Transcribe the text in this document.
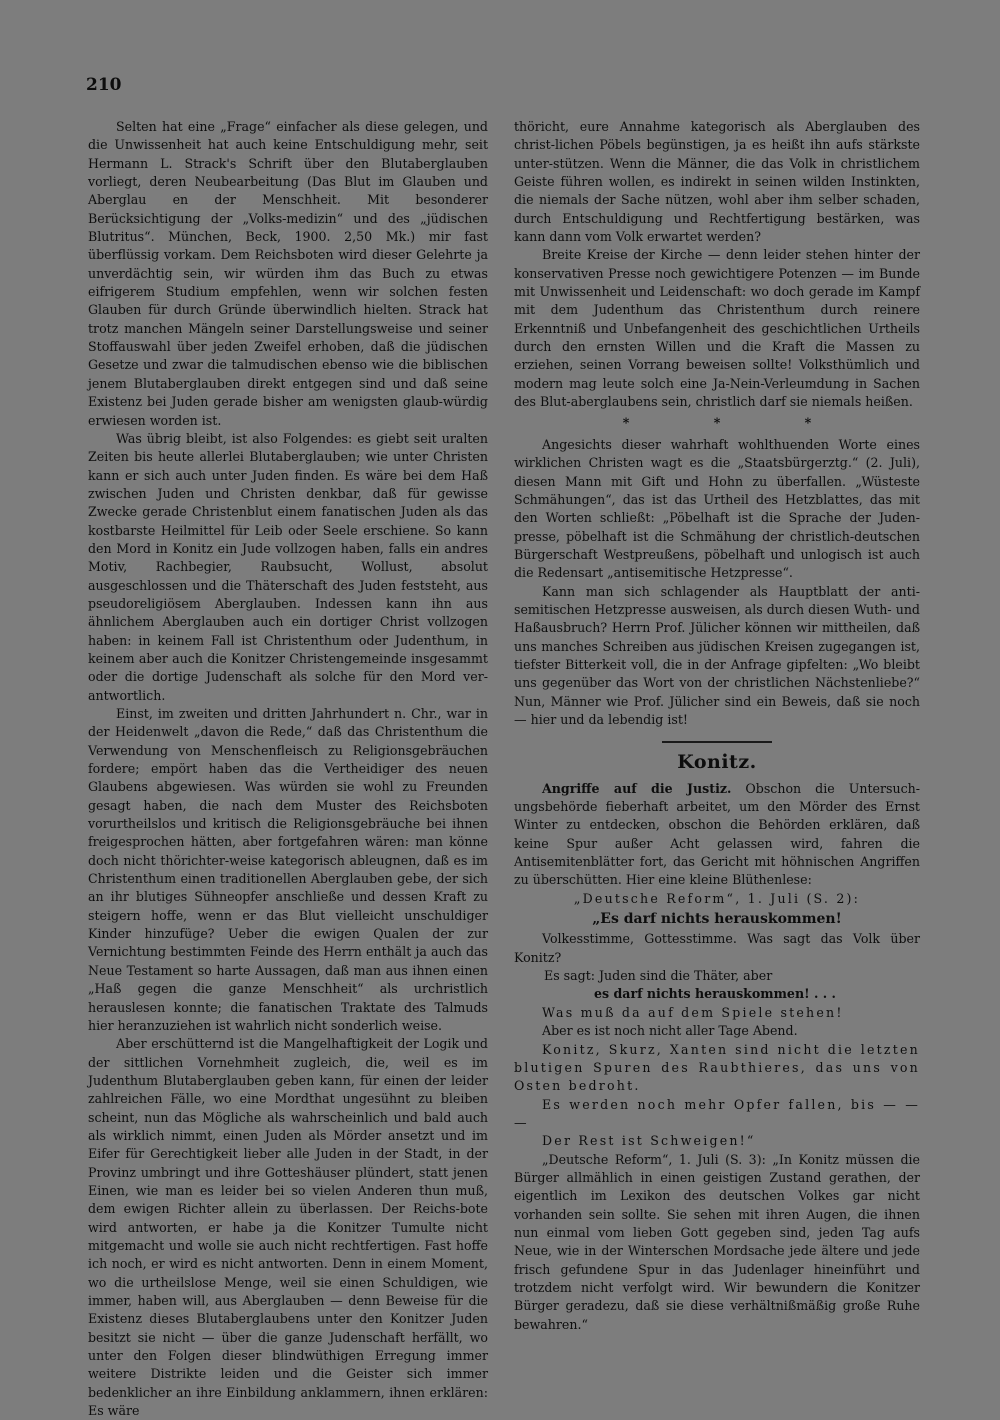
210

Selten hat eine „Frage“ einfacher als diese gelegen, und die Unwissenheit hat auch keine Entschuldigung mehr, seit Hermann L. Strack's Schrift über den Blutaberglauben vorliegt, deren Neubearbeitung (Das Blut im Glauben und Aberglau en der Menschheit. Mit besonderer Berücksichtigung der „Volks-medizin“ und des „jüdischen Blutritus“. München, Beck, 1900. 2,50 Mk.) mir fast überflüssig vorkam. Dem Reichsboten wird dieser Gelehrte ja unverdächtig sein, wir würden ihm das Buch zu etwas eifrigerem Studium empfehlen, wenn wir solchen festen Glauben für durch Gründe überwindlich hielten. Strack hat trotz manchen Mängeln seiner Darstellungsweise und seiner Stoffauswahl über jeden Zweifel erhoben, daß die jüdischen Gesetze und zwar die talmudischen ebenso wie die biblischen jenem Blutaberglauben direkt entgegen sind und daß seine Existenz bei Juden gerade bisher am wenigsten glaub-würdig erwiesen worden ist.

Was übrig bleibt, ist also Folgendes: es giebt seit uralten Zeiten bis heute allerlei Blutaberglauben; wie unter Christen kann er sich auch unter Juden finden. Es wäre bei dem Haß zwischen Juden und Christen denkbar, daß für gewisse Zwecke gerade Christenblut einem fanatischen Juden als das kostbarste Heilmittel für Leib oder Seele erschiene. So kann den Mord in Konitz ein Jude vollzogen haben, falls ein andres Motiv, Rachbegier, Raubsucht, Wollust, absolut ausgeschlossen und die Thäterschaft des Juden feststeht, aus pseudoreligiösem Aberglauben. Indessen kann ihn aus ähnlichem Aberglauben auch ein dortiger Christ vollzogen haben: in keinem Fall ist Christenthum oder Judenthum, in keinem aber auch die Konitzer Christengemeinde insgesammt oder die dortige Judenschaft als solche für den Mord ver-antwortlich.

Einst, im zweiten und dritten Jahrhundert n. Chr., war in der Heidenwelt „davon die Rede,“ daß das Christenthum die Verwendung von Menschenfleisch zu Religionsgebräuchen fordere; empört haben das die Vertheidiger des neuen Glaubens abgewiesen. Was würden sie wohl zu Freunden gesagt haben, die nach dem Muster des Reichsboten vorurtheilslos und kritisch die Religionsgebräuche bei ihnen freigesprochen hätten, aber fortgefahren wären: man könne doch nicht thörichter-weise kategorisch ableugnen, daß es im Christenthum einen traditionellen Aberglauben gebe, der sich an ihr blutiges Sühneopfer anschließe und dessen Kraft zu steigern hoffe, wenn er das Blut vielleicht unschuldiger Kinder hinzufüge? Ueber die ewigen Qualen der zur Vernichtung bestimmten Feinde des Herrn enthält ja auch das Neue Testament so harte Aussagen, daß man aus ihnen einen „Haß gegen die ganze Menschheit“ als urchristlich herauslesen konnte; die fanatischen Traktate des Talmuds hier heranzuziehen ist wahrlich nicht sonderlich weise.

Aber erschütternd ist die Mangelhaftigkeit der Logik und der sittlichen Vornehmheit zugleich, die, weil es im Judenthum Blutaberglauben geben kann, für einen der leider zahlreichen Fälle, wo eine Mordthat ungesühnt zu bleiben scheint, nun das Mögliche als wahrscheinlich und bald auch als wirklich nimmt, einen Juden als Mörder ansetzt und im Eifer für Gerechtigkeit lieber alle Juden in der Stadt, in der Provinz umbringt und ihre Gotteshäuser plündert, statt jenen Einen, wie man es leider bei so vielen Anderen thun muß, dem ewigen Richter allein zu überlassen. Der Reichs-bote wird antworten, er habe ja die Konitzer Tumulte nicht mitgemacht und wolle sie auch nicht rechtfertigen. Fast hoffe ich noch, er wird es nicht antworten. Denn in einem Moment, wo die urtheilslose Menge, weil sie einen Schuldigen, wie immer, haben will, aus Aberglauben — denn Beweise für die Existenz dieses Blutaberglaubens unter den Konitzer Juden besitzt sie nicht — über die ganze Judenschaft herfällt, wo unter den Folgen dieser blindwüthigen Erregung immer weitere Distrikte leiden und die Geister sich immer bedenklicher an ihre Einbildung anklammern, ihnen erklären: Es wäre

thöricht, eure Annahme kategorisch als Aberglauben des christ-lichen Pöbels begünstigen, ja es heißt ihn aufs stärkste unter-stützen. Wenn die Männer, die das Volk in christlichem Geiste führen wollen, es indirekt in seinen wilden Instinkten, die niemals der Sache nützen, wohl aber ihm selber schaden, durch Entschuldigung und Rechtfertigung bestärken, was kann dann vom Volk erwartet werden?

Breite Kreise der Kirche — denn leider stehen hinter der konservativen Presse noch gewichtigere Potenzen — im Bunde mit Unwissenheit und Leidenschaft: wo doch gerade im Kampf mit dem Judenthum das Christenthum durch reinere Erkenntniß und Unbefangenheit des geschichtlichen Urtheils durch den ernsten Willen und die Kraft die Massen zu erziehen, seinen Vorrang beweisen sollte! Volksthümlich und modern mag leute solch eine Ja-Nein-Verleumdung in Sachen des Blut-aberglaubens sein, christlich darf sie niemals heißen.

* * *

Angesichts dieser wahrhaft wohlthuenden Worte eines wirklichen Christen wagt es die „Staatsbürgerztg.“ (2. Juli), diesen Mann mit Gift und Hohn zu überfallen. „Wüsteste Schmähungen“, das ist das Urtheil des Hetzblattes, das mit den Worten schließt: „Pöbelhaft ist die Sprache der Juden-presse, pöbelhaft ist die Schmähung der christlich-deutschen Bürgerschaft Westpreußens, pöbelhaft und unlogisch ist auch die Redensart „antisemitische Hetzpresse“.

Kann man sich schlagender als Hauptblatt der anti-semitischen Hetzpresse ausweisen, als durch diesen Wuth- und Haßausbruch? Herrn Prof. Jülicher können wir mittheilen, daß uns manches Schreiben aus jüdischen Kreisen zugegangen ist, tiefster Bitterkeit voll, die in der Anfrage gipfelten: „Wo bleibt uns gegenüber das Wort von der christlichen Nächstenliebe?“ Nun, Männer wie Prof. Jülicher sind ein Beweis, daß sie noch — hier und da lebendig ist!

Konitz.

Angriffe auf die Justiz. Obschon die Untersuch-ungsbehörde fieberhaft arbeitet, um den Mörder des Ernst Winter zu entdecken, obschon die Behörden erklären, daß keine Spur außer Acht gelassen wird, fahren die Antisemitenblätter fort, das Gericht mit höhnischen Angriffen zu überschütten. Hier eine kleine Blüthenlese:

„Deutsche Reform“, 1. Juli (S. 2):

„Es darf nichts herauskommen!

Volkesstimme, Gottesstimme. Was sagt das Volk über Konitz?

Es sagt: Juden sind die Thäter, aber

es darf nichts herauskommen! . . .

Was muß da auf dem Spiele stehen!

Aber es ist noch nicht aller Tage Abend.

Konitz, Skurz, Xanten sind nicht die letzten blutigen Spuren des Raubthieres, das uns von Osten bedroht.

Es werden noch mehr Opfer fallen, bis — — —

Der Rest ist Schweigen!“

„Deutsche Reform“, 1. Juli (S. 3): „In Konitz müssen die Bürger allmählich in einen geistigen Zustand gerathen, der eigentlich im Lexikon des deutschen Volkes gar nicht vorhanden sein sollte. Sie sehen mit ihren Augen, die ihnen nun einmal vom lieben Gott gegeben sind, jeden Tag aufs Neue, wie in der Winterschen Mordsache jede ältere und jede frisch gefundene Spur in das Judenlager hineinführt und trotzdem nicht verfolgt wird. Wir bewundern die Konitzer Bürger geradezu, daß sie diese verhältnißmäßig große Ruhe bewahren.“
